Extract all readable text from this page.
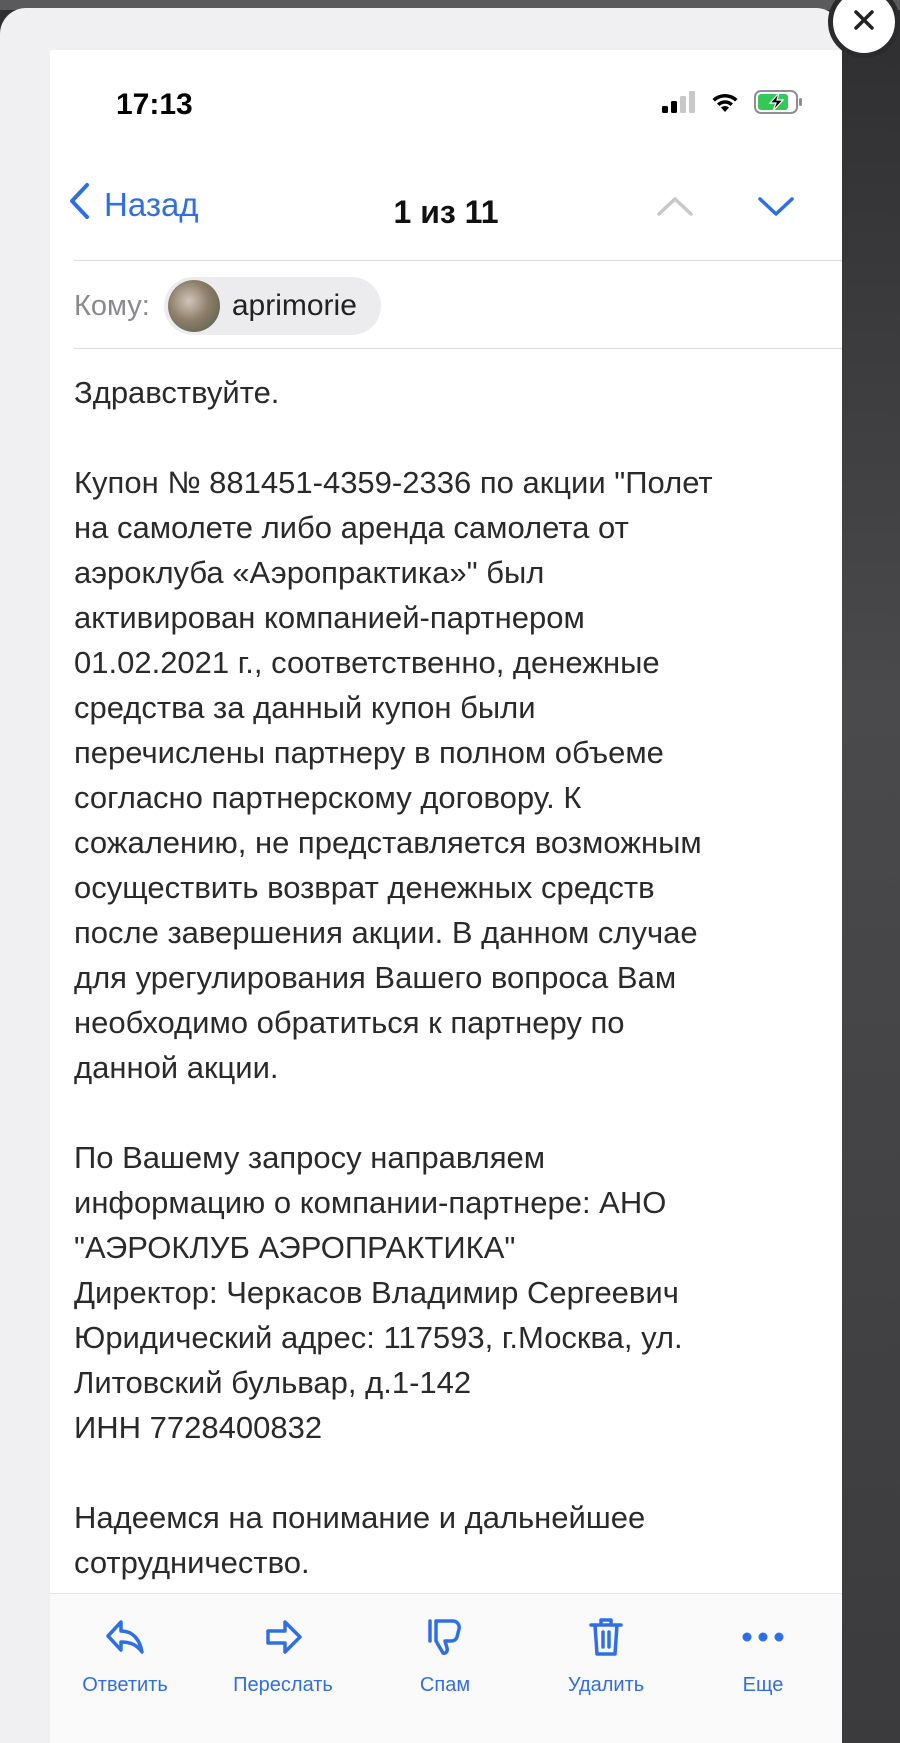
17:13
Назад	1 из 11
Кому:	aprimorie

Здравствуйте.

Купон № 881451-4359-2336 по акции "Полет
на самолете либо аренда самолета от
аэроклуба «Аэропрактика»" был
активирован компанией-партнером
01.02.2021 г., соответственно, денежные
средства за данный купон были
перечислены партнеру в полном объеме
согласно партнерскому договору. К
сожалению, не представляется возможным
осуществить возврат денежных средств
после завершения акции. В данном случае
для урегулирования Вашего вопроса Вам
необходимо обратиться к партнеру по
данной акции.

По Вашему запросу направляем
информацию о компании-партнере: АНО
"АЭРОКЛУБ АЭРОПРАКТИКА"
Директор: Черкасов Владимир Сергеевич
Юридический адрес: 117593, г.Москва, ул.
Литовский бульвар, д.1-142
ИНН 7728400832

Надеемся на понимание и дальнейшее
сотрудничество.

Ответить	Переслать	Спам	Удалить	Еще
